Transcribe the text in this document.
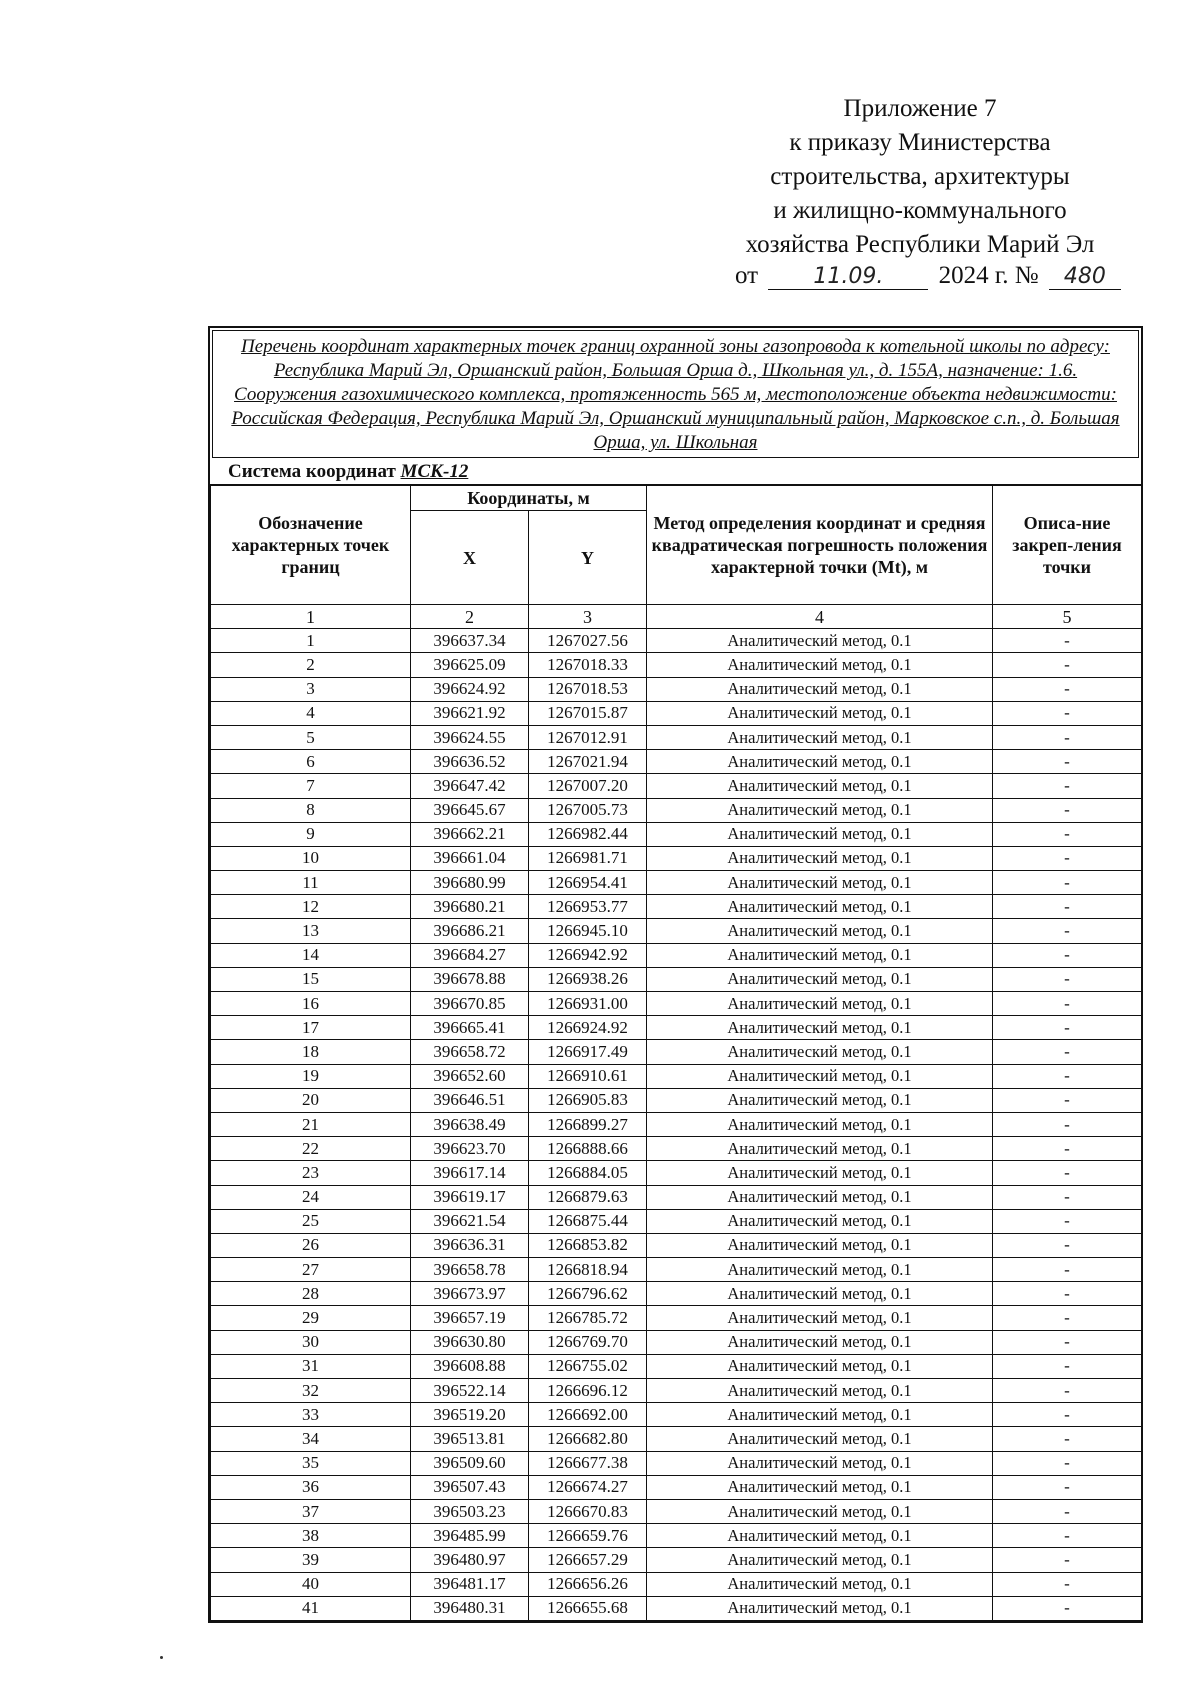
Приложение 7
к приказу Министерства
строительства, архитектуры
и жилищно-коммунального
хозяйства Республики Марий Эл
от	11.09. 2024 г. № 480
Перечень координат характерных точек границ охранной зоны газопровода к котельной школы по адресу: Республика Марий Эл, Оршанский район, Большая Орша д., Школьная ул., д. 155А, назначение: 1.6. Сооружения газохимического комплекса, протяженность 565 м, местоположение объекта недвижимости: Российская Федерация, Республика Марий Эл, Оршанский муниципальный район, Марковское с.п., д. Большая Орша, ул. Школьная
Система координат МСК-12
Обозначение характерных точек границ	Координаты, м		Метод определения координат и средняя квадратическая погрешность положения характерной точки (Mt), м	Описа-ние закреп-ления точки
	X	Y		
1	2	3	4	5
1	396637.34	1267027.56	Аналитический метод, 0.1	-
2	396625.09	1267018.33	Аналитический метод, 0.1	-
3	396624.92	1267018.53	Аналитический метод, 0.1	-
4	396621.92	1267015.87	Аналитический метод, 0.1	-
5	396624.55	1267012.91	Аналитический метод, 0.1	-
6	396636.52	1267021.94	Аналитический метод, 0.1	-
7	396647.42	1267007.20	Аналитический метод, 0.1	-
8	396645.67	1267005.73	Аналитический метод, 0.1	-
9	396662.21	1266982.44	Аналитический метод, 0.1	-
10	396661.04	1266981.71	Аналитический метод, 0.1	-
11	396680.99	1266954.41	Аналитический метод, 0.1	-
12	396680.21	1266953.77	Аналитический метод, 0.1	-
13	396686.21	1266945.10	Аналитический метод, 0.1	-
14	396684.27	1266942.92	Аналитический метод, 0.1	-
15	396678.88	1266938.26	Аналитический метод, 0.1	-
16	396670.85	1266931.00	Аналитический метод, 0.1	-
17	396665.41	1266924.92	Аналитический метод, 0.1	-
18	396658.72	1266917.49	Аналитический метод, 0.1	-
19	396652.60	1266910.61	Аналитический метод, 0.1	-
20	396646.51	1266905.83	Аналитический метод, 0.1	-
21	396638.49	1266899.27	Аналитический метод, 0.1	-
22	396623.70	1266888.66	Аналитический метод, 0.1	-
23	396617.14	1266884.05	Аналитический метод, 0.1	-
24	396619.17	1266879.63	Аналитический метод, 0.1	-
25	396621.54	1266875.44	Аналитический метод, 0.1	-
26	396636.31	1266853.82	Аналитический метод, 0.1	-
27	396658.78	1266818.94	Аналитический метод, 0.1	-
28	396673.97	1266796.62	Аналитический метод, 0.1	-
29	396657.19	1266785.72	Аналитический метод, 0.1	-
30	396630.80	1266769.70	Аналитический метод, 0.1	-
31	396608.88	1266755.02	Аналитический метод, 0.1	-
32	396522.14	1266696.12	Аналитический метод, 0.1	-
33	396519.20	1266692.00	Аналитический метод, 0.1	-
34	396513.81	1266682.80	Аналитический метод, 0.1	-
35	396509.60	1266677.38	Аналитический метод, 0.1	-
36	396507.43	1266674.27	Аналитический метод, 0.1	-
37	396503.23	1266670.83	Аналитический метод, 0.1	-
38	396485.99	1266659.76	Аналитический метод, 0.1	-
39	396480.97	1266657.29	Аналитический метод, 0.1	-
40	396481.17	1266656.26	Аналитический метод, 0.1	-
41	396480.31	1266655.68	Аналитический метод, 0.1	-
